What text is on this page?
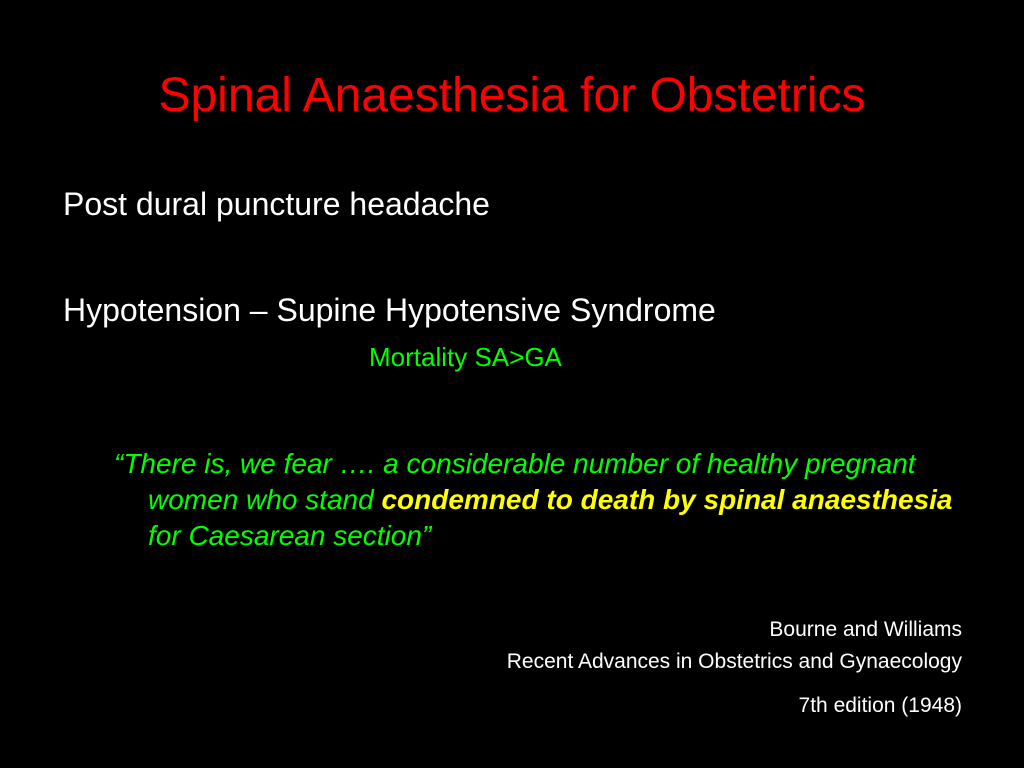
Spinal Anaesthesia for Obstetrics
Post dural puncture headache
Hypotension – Supine Hypotensive Syndrome
Mortality SA>GA
“There is, we fear …. a considerable number of healthy pregnant women who stand condemned to death by spinal anaesthesia for Caesarean section”
Bourne and Williams
Recent Advances in Obstetrics and Gynaecology
7th edition (1948)
